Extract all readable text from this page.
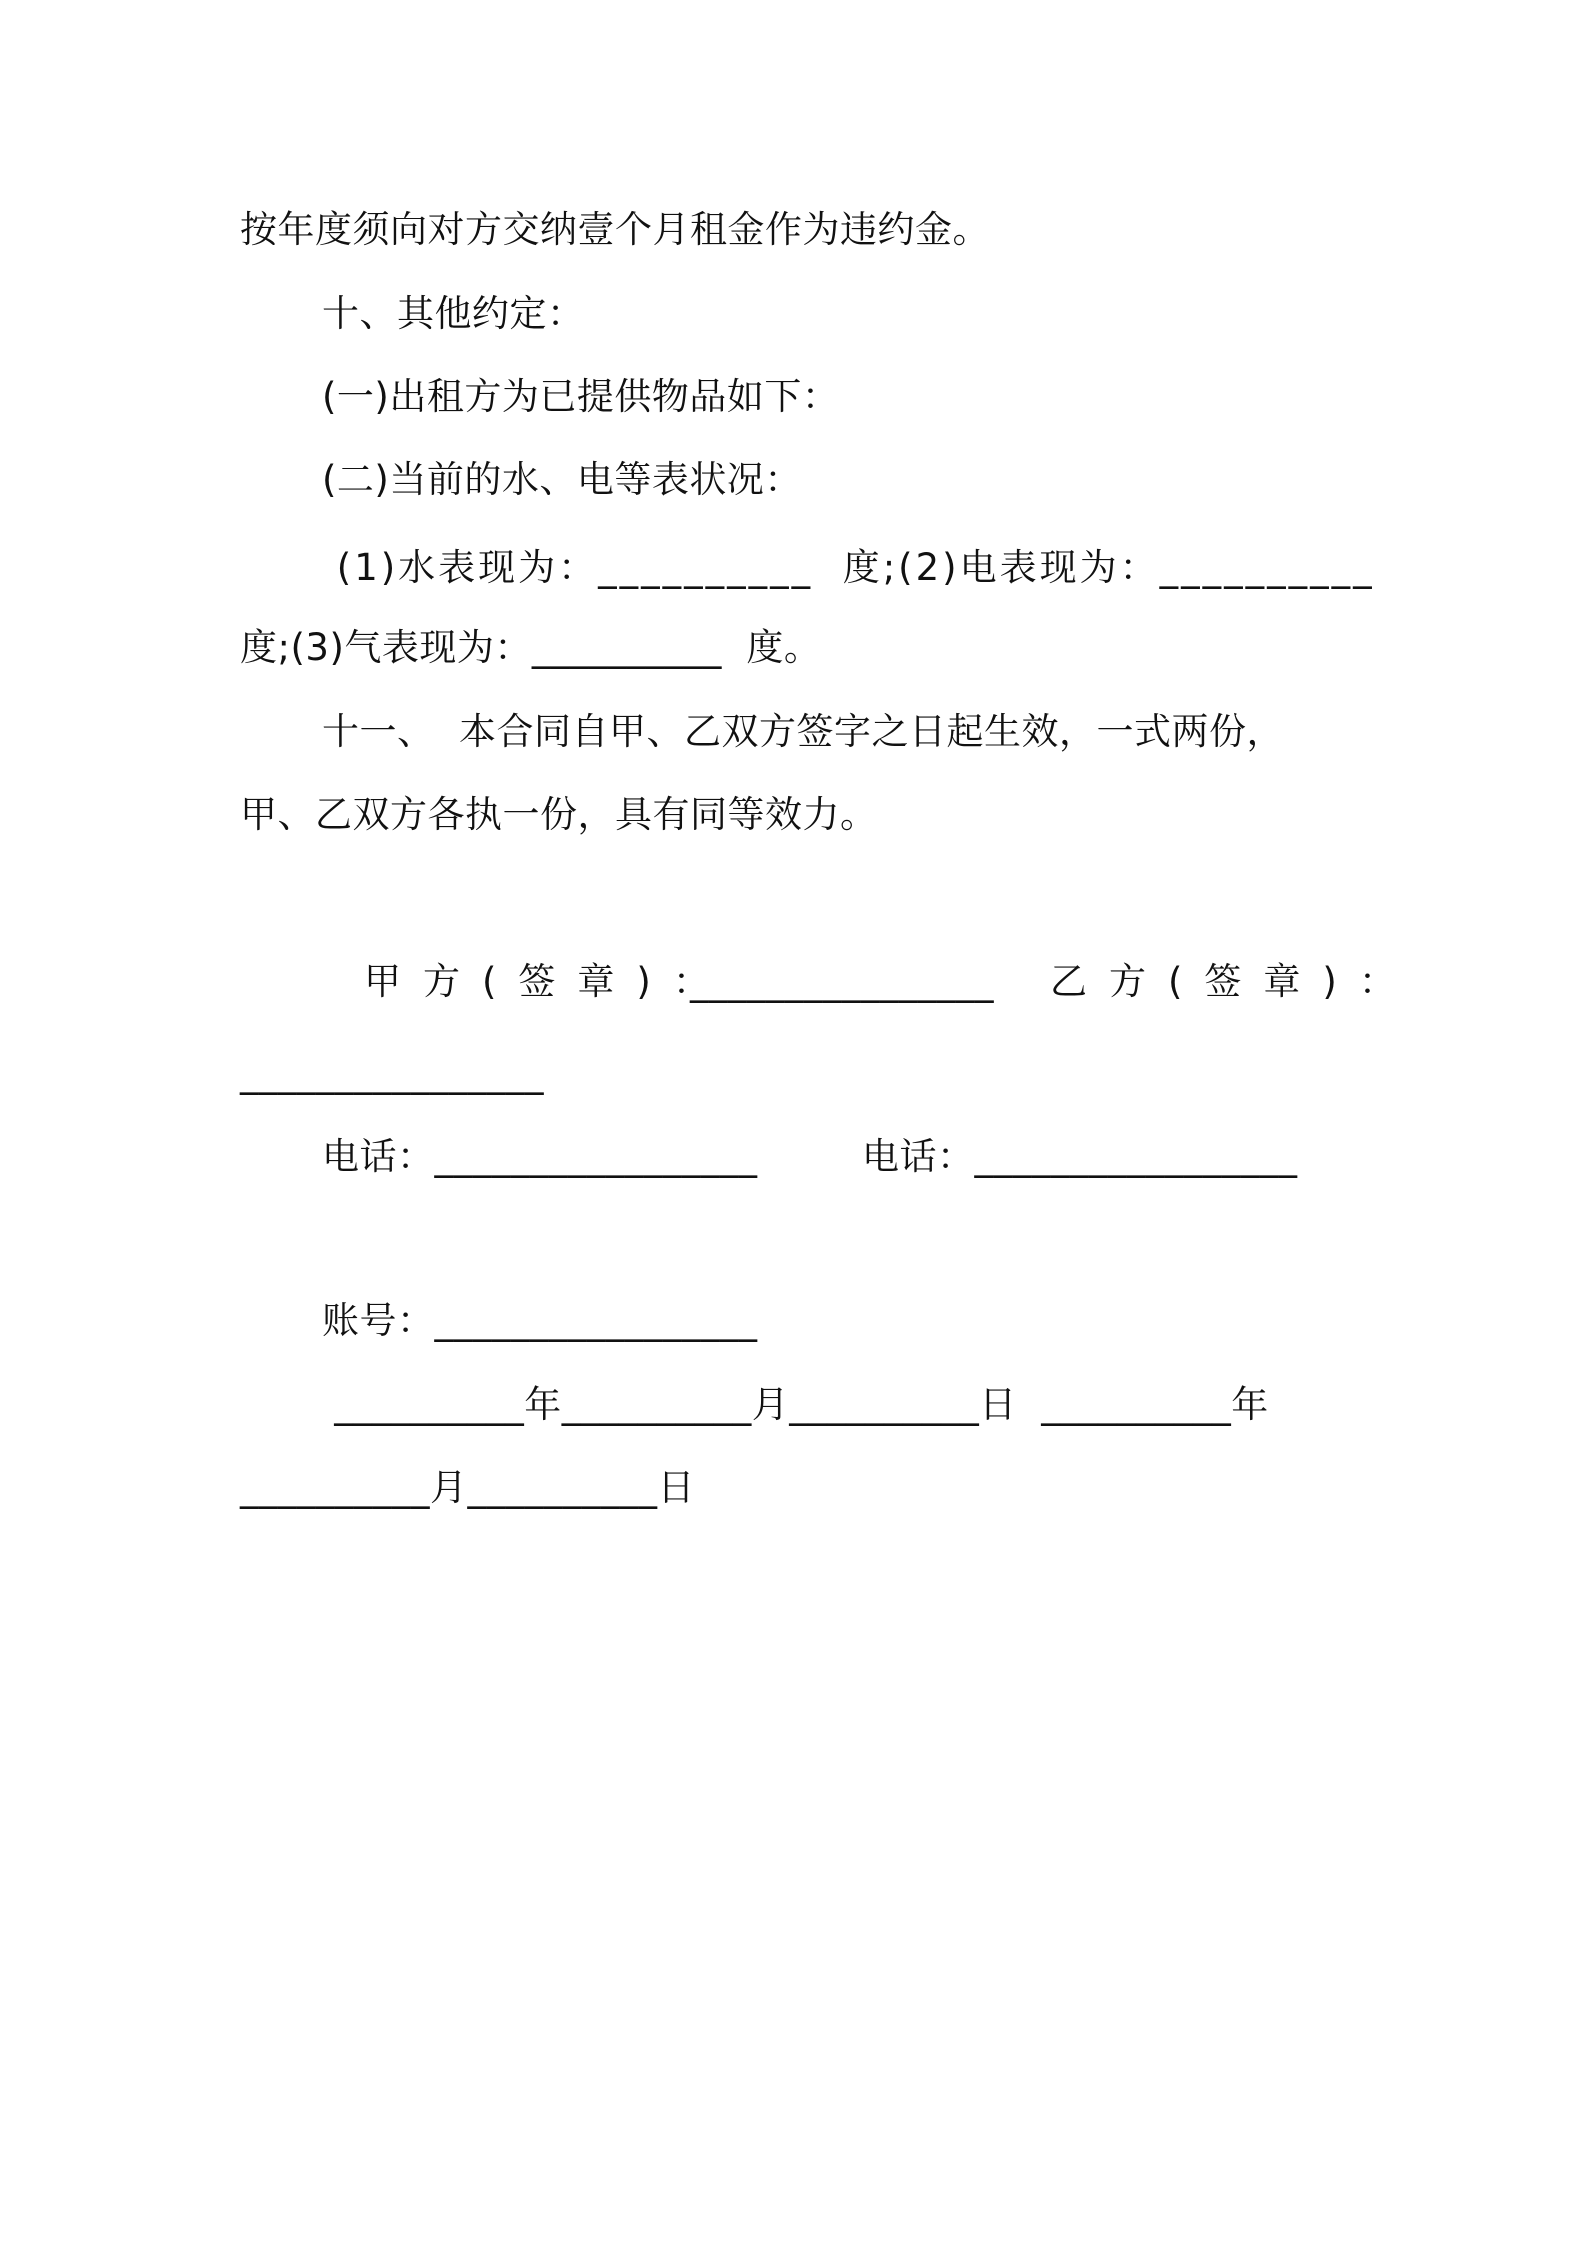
按年度须向对方交纳壹个月租金作为违约金。
十、其他约定：
(一)出租方为已提供物品如下：
(二)当前的水、电等表状况：
(1)水表现为：__________  度;(2)电表现为：__________
度;(3)气表现为：__________  度。
十一、  本合同自甲、乙双方签字之日起生效，一式两份，
甲、乙双方各执一份，具有同等效力。
甲方(签章)：
________________ 乙方(签章)：
________________
电话：_________________	电话：_________________
账号：_________________
__________年__________月__________日  __________年
__________月__________日
